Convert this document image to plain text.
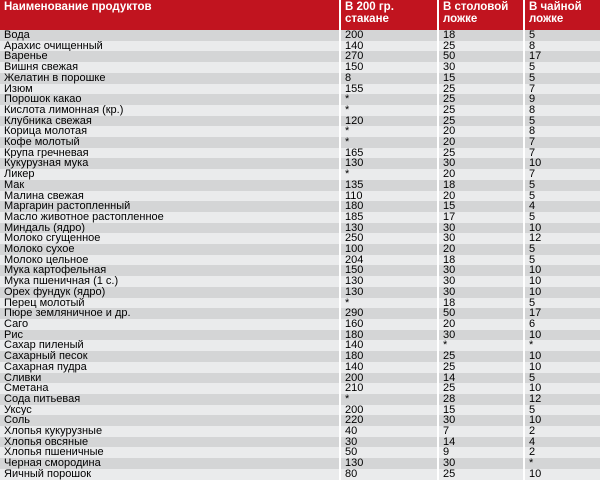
Наименование продуктов	В 200 гр. стакане	В столовой ложке	В чайной ложке
Вода	200	18	5
Арахис очищенный	140	25	8
Варенье	270	50	17
Вишня свежая	150	30	5
Желатин в порошке	8	15	5
Изюм	155	25	7
Порошок какао	*	25	9
Кислота лимонная (кр.)	*	25	8
Клубника свежая	120	25	5
Корица молотая	*	20	8
Кофе молотый	*	20	7
Крупа гречневая	165	25	7
Кукурузная мука	130	30	10
Ликер	*	20	7
Мак	135	18	5
Малина свежая	110	20	5
Маргарин растопленный	180	15	4
Масло животное растопленное	185	17	5
Миндаль (ядро)	130	30	10
Молоко сгущенное	250	30	12
Молоко сухое	100	20	5
Молоко цельное	204	18	5
Мука картофельная	150	30	10
Мука пшеничная (1 с.)	130	30	10
Орех фундук (ядро)	130	30	10
Перец молотый	*	18	5
Пюре земляничное и др.	290	50	17
Саго	160	20	6
Рис	180	30	10
Сахар пиленый	140	*	*
Сахарный песок	180	25	10
Сахарная пудра	140	25	10
Сливки	200	14	5
Сметана	210	25	10
Сода питьевая	*	28	12
Уксус	200	15	5
Соль	220	30	10
Хлопья кукурузные	40	7	2
Хлопья овсяные	30	14	4
Хлопья пшеничные	50	9	2
Черная смородина	130	30	*
Яичный порошок	80	25	10
